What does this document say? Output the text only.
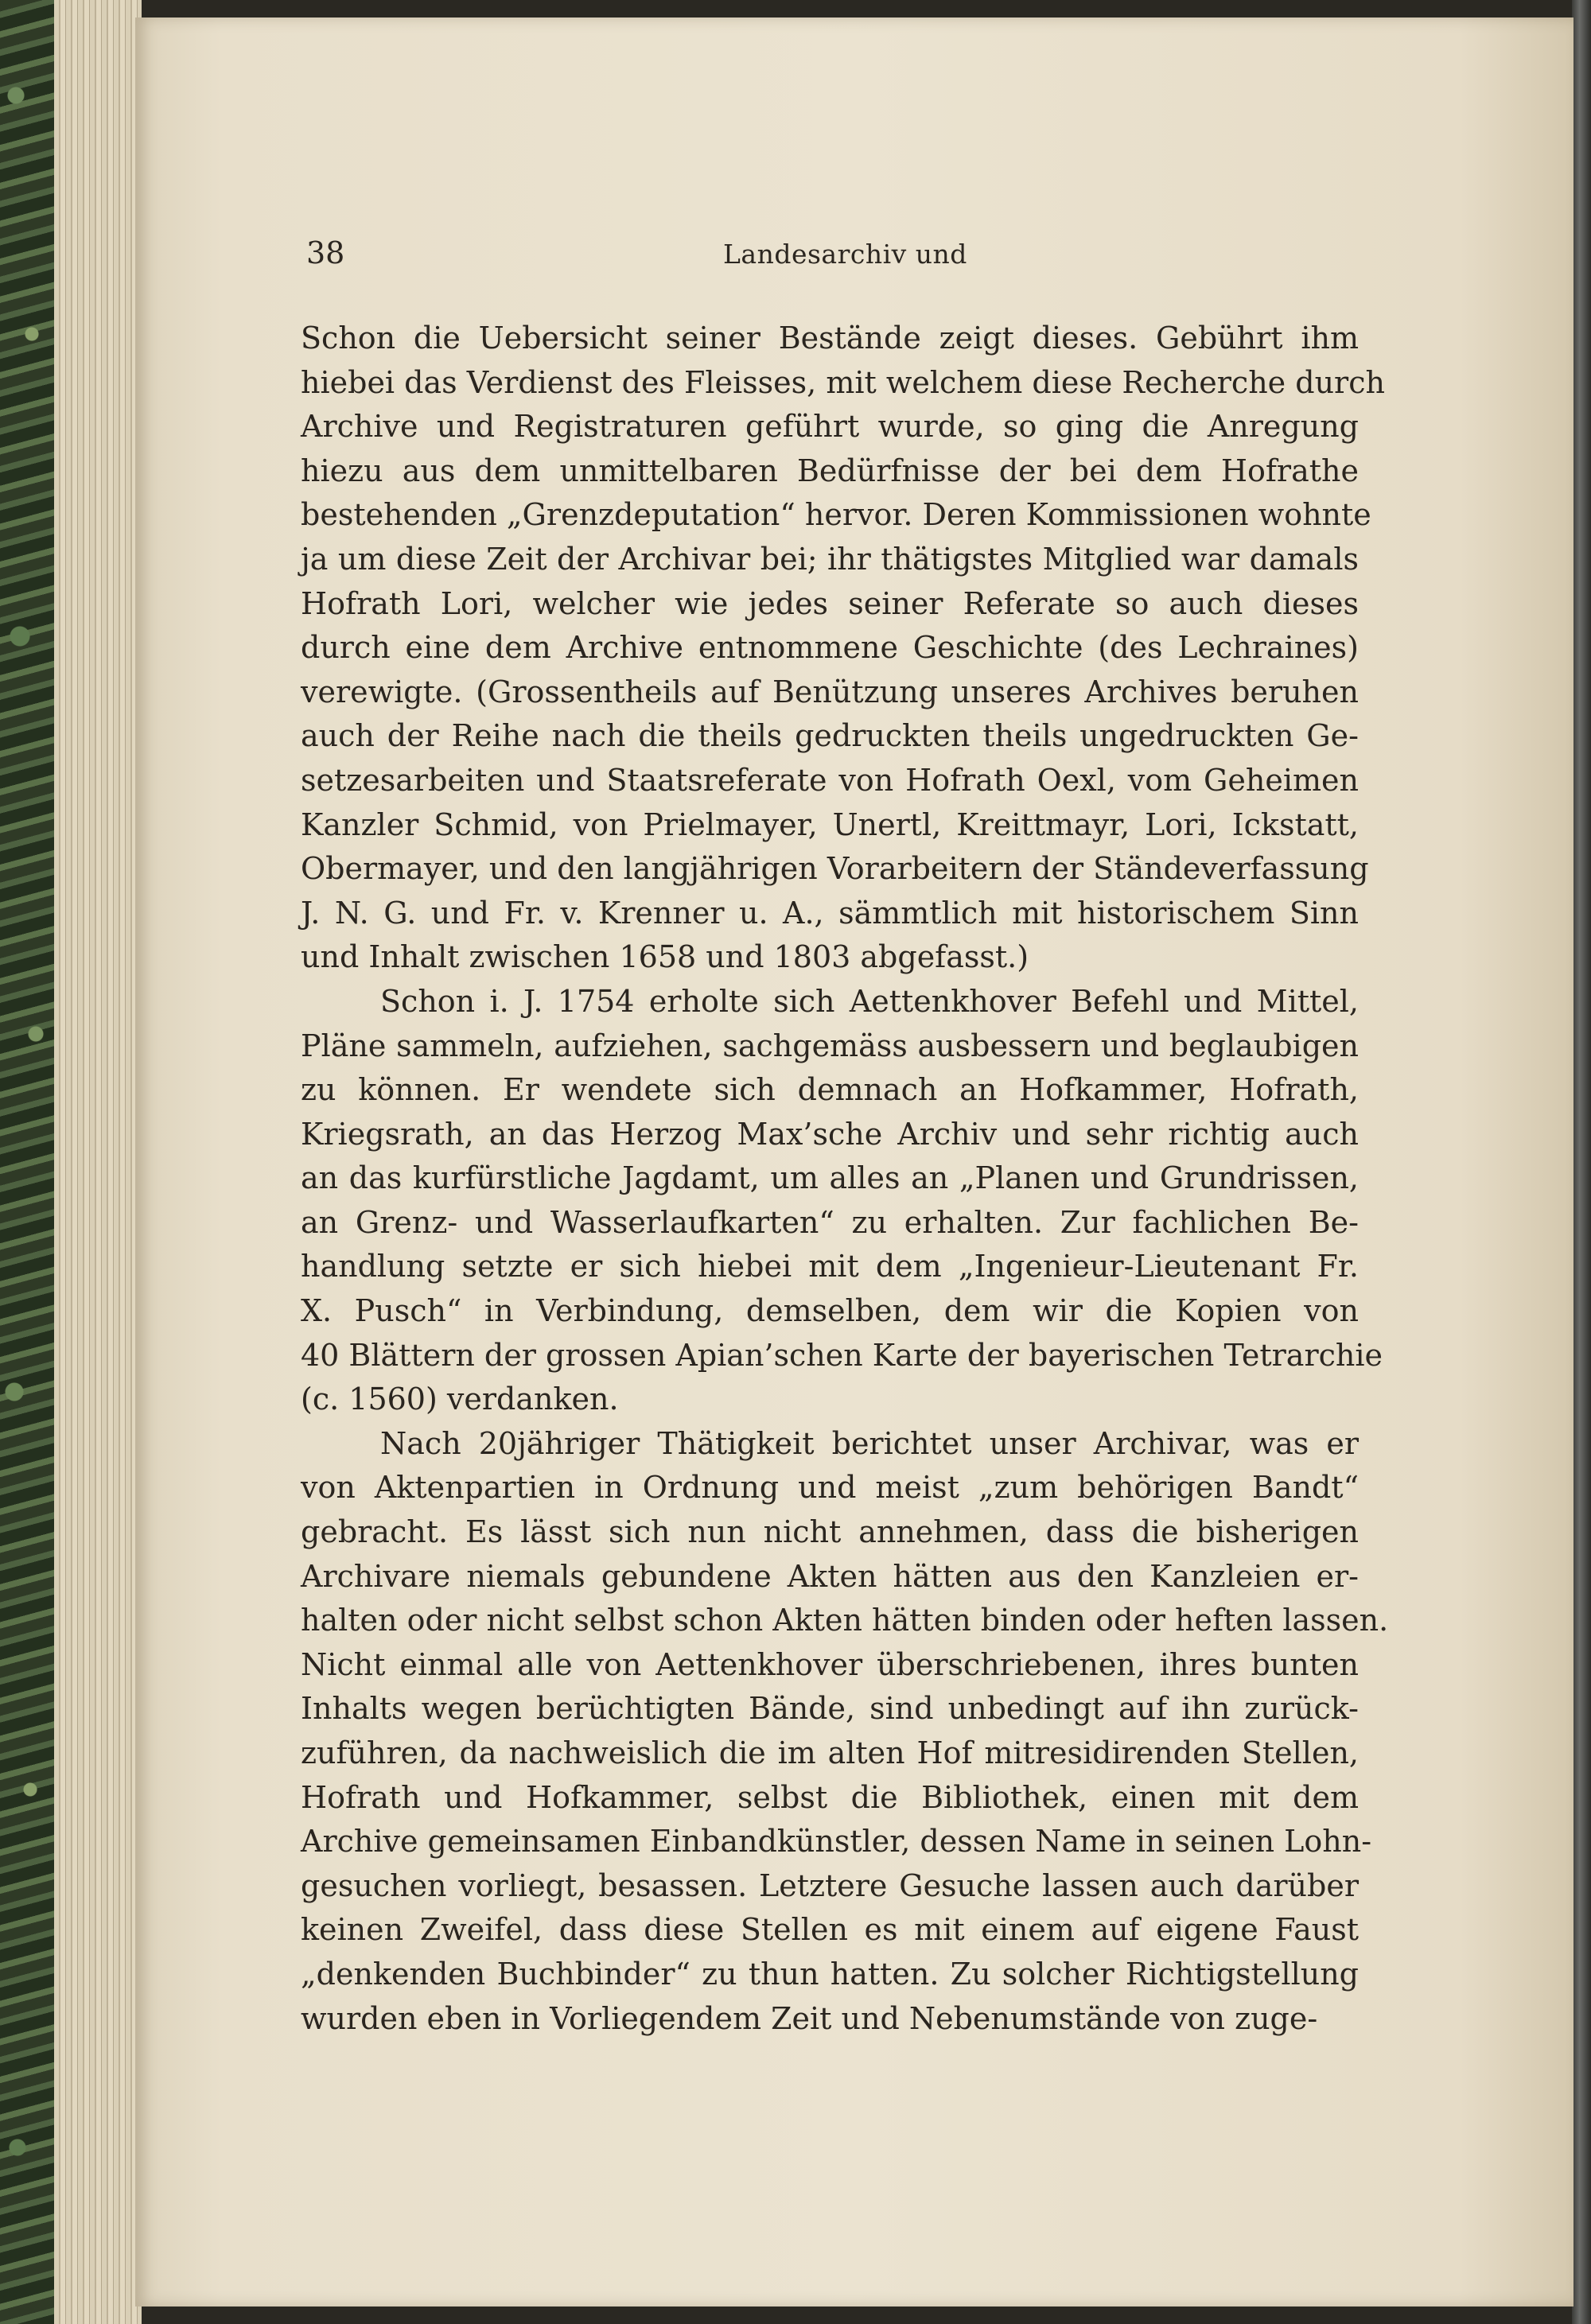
38	Landesarchiv und
Schon die Uebersicht seiner Bestände zeigt dieses. Gebührt ihm
hiebei das Verdienst des Fleisses, mit welchem diese Recherche durch
Archive und Registraturen geführt wurde, so ging die Anregung
hiezu aus dem unmittelbaren Bedürfnisse der bei dem Hofrathe
bestehenden „Grenzdeputation“ hervor. Deren Kommissionen wohnte
ja um diese Zeit der Archivar bei; ihr thätigstes Mitglied war damals
Hofrath Lori, welcher wie jedes seiner Referate so auch dieses
durch eine dem Archive entnommene Geschichte (des Lechraines)
verewigte. (Grossentheils auf Benützung unseres Archives beruhen
auch der Reihe nach die theils gedruckten theils ungedruckten Ge-
setzesarbeiten und Staatsreferate von Hofrath Oexl, vom Geheimen
Kanzler Schmid, von Prielmayer, Unertl, Kreittmayr, Lori, Ickstatt,
Obermayer, und den langjährigen Vorarbeitern der Ständeverfassung
J. N. G. und Fr. v. Krenner u. A., sämmtlich mit historischem Sinn
und Inhalt zwischen 1658 und 1803 abgefasst.)
Schon i. J. 1754 erholte sich Aettenkhover Befehl und Mittel,
Pläne sammeln, aufziehen, sachgemäss ausbessern und beglaubigen
zu können. Er wendete sich demnach an Hofkammer, Hofrath,
Kriegsrath, an das Herzog Max’sche Archiv und sehr richtig auch
an das kurfürstliche Jagdamt, um alles an „Planen und Grundrissen,
an Grenz- und Wasserlaufkarten“ zu erhalten. Zur fachlichen Be-
handlung setzte er sich hiebei mit dem „Ingenieur-Lieutenant Fr.
X. Pusch“ in Verbindung, demselben, dem wir die Kopien von
40 Blättern der grossen Apian’schen Karte der bayerischen Tetrarchie
(c. 1560) verdanken.
Nach 20jähriger Thätigkeit berichtet unser Archivar, was er
von Aktenpartien in Ordnung und meist „zum behörigen Bandt“
gebracht. Es lässt sich nun nicht annehmen, dass die bisherigen
Archivare niemals gebundene Akten hätten aus den Kanzleien er-
halten oder nicht selbst schon Akten hätten binden oder heften lassen.
Nicht einmal alle von Aettenkhover überschriebenen, ihres bunten
Inhalts wegen berüchtigten Bände, sind unbedingt auf ihn zurück-
zuführen, da nachweislich die im alten Hof mitresidirenden Stellen,
Hofrath und Hofkammer, selbst die Bibliothek, einen mit dem
Archive gemeinsamen Einbandkünstler, dessen Name in seinen Lohn-
gesuchen vorliegt, besassen. Letztere Gesuche lassen auch darüber
keinen Zweifel, dass diese Stellen es mit einem auf eigene Faust
„denkenden Buchbinder“ zu thun hatten. Zu solcher Richtigstellung
wurden eben in Vorliegendem Zeit und Nebenumstände von zuge-
